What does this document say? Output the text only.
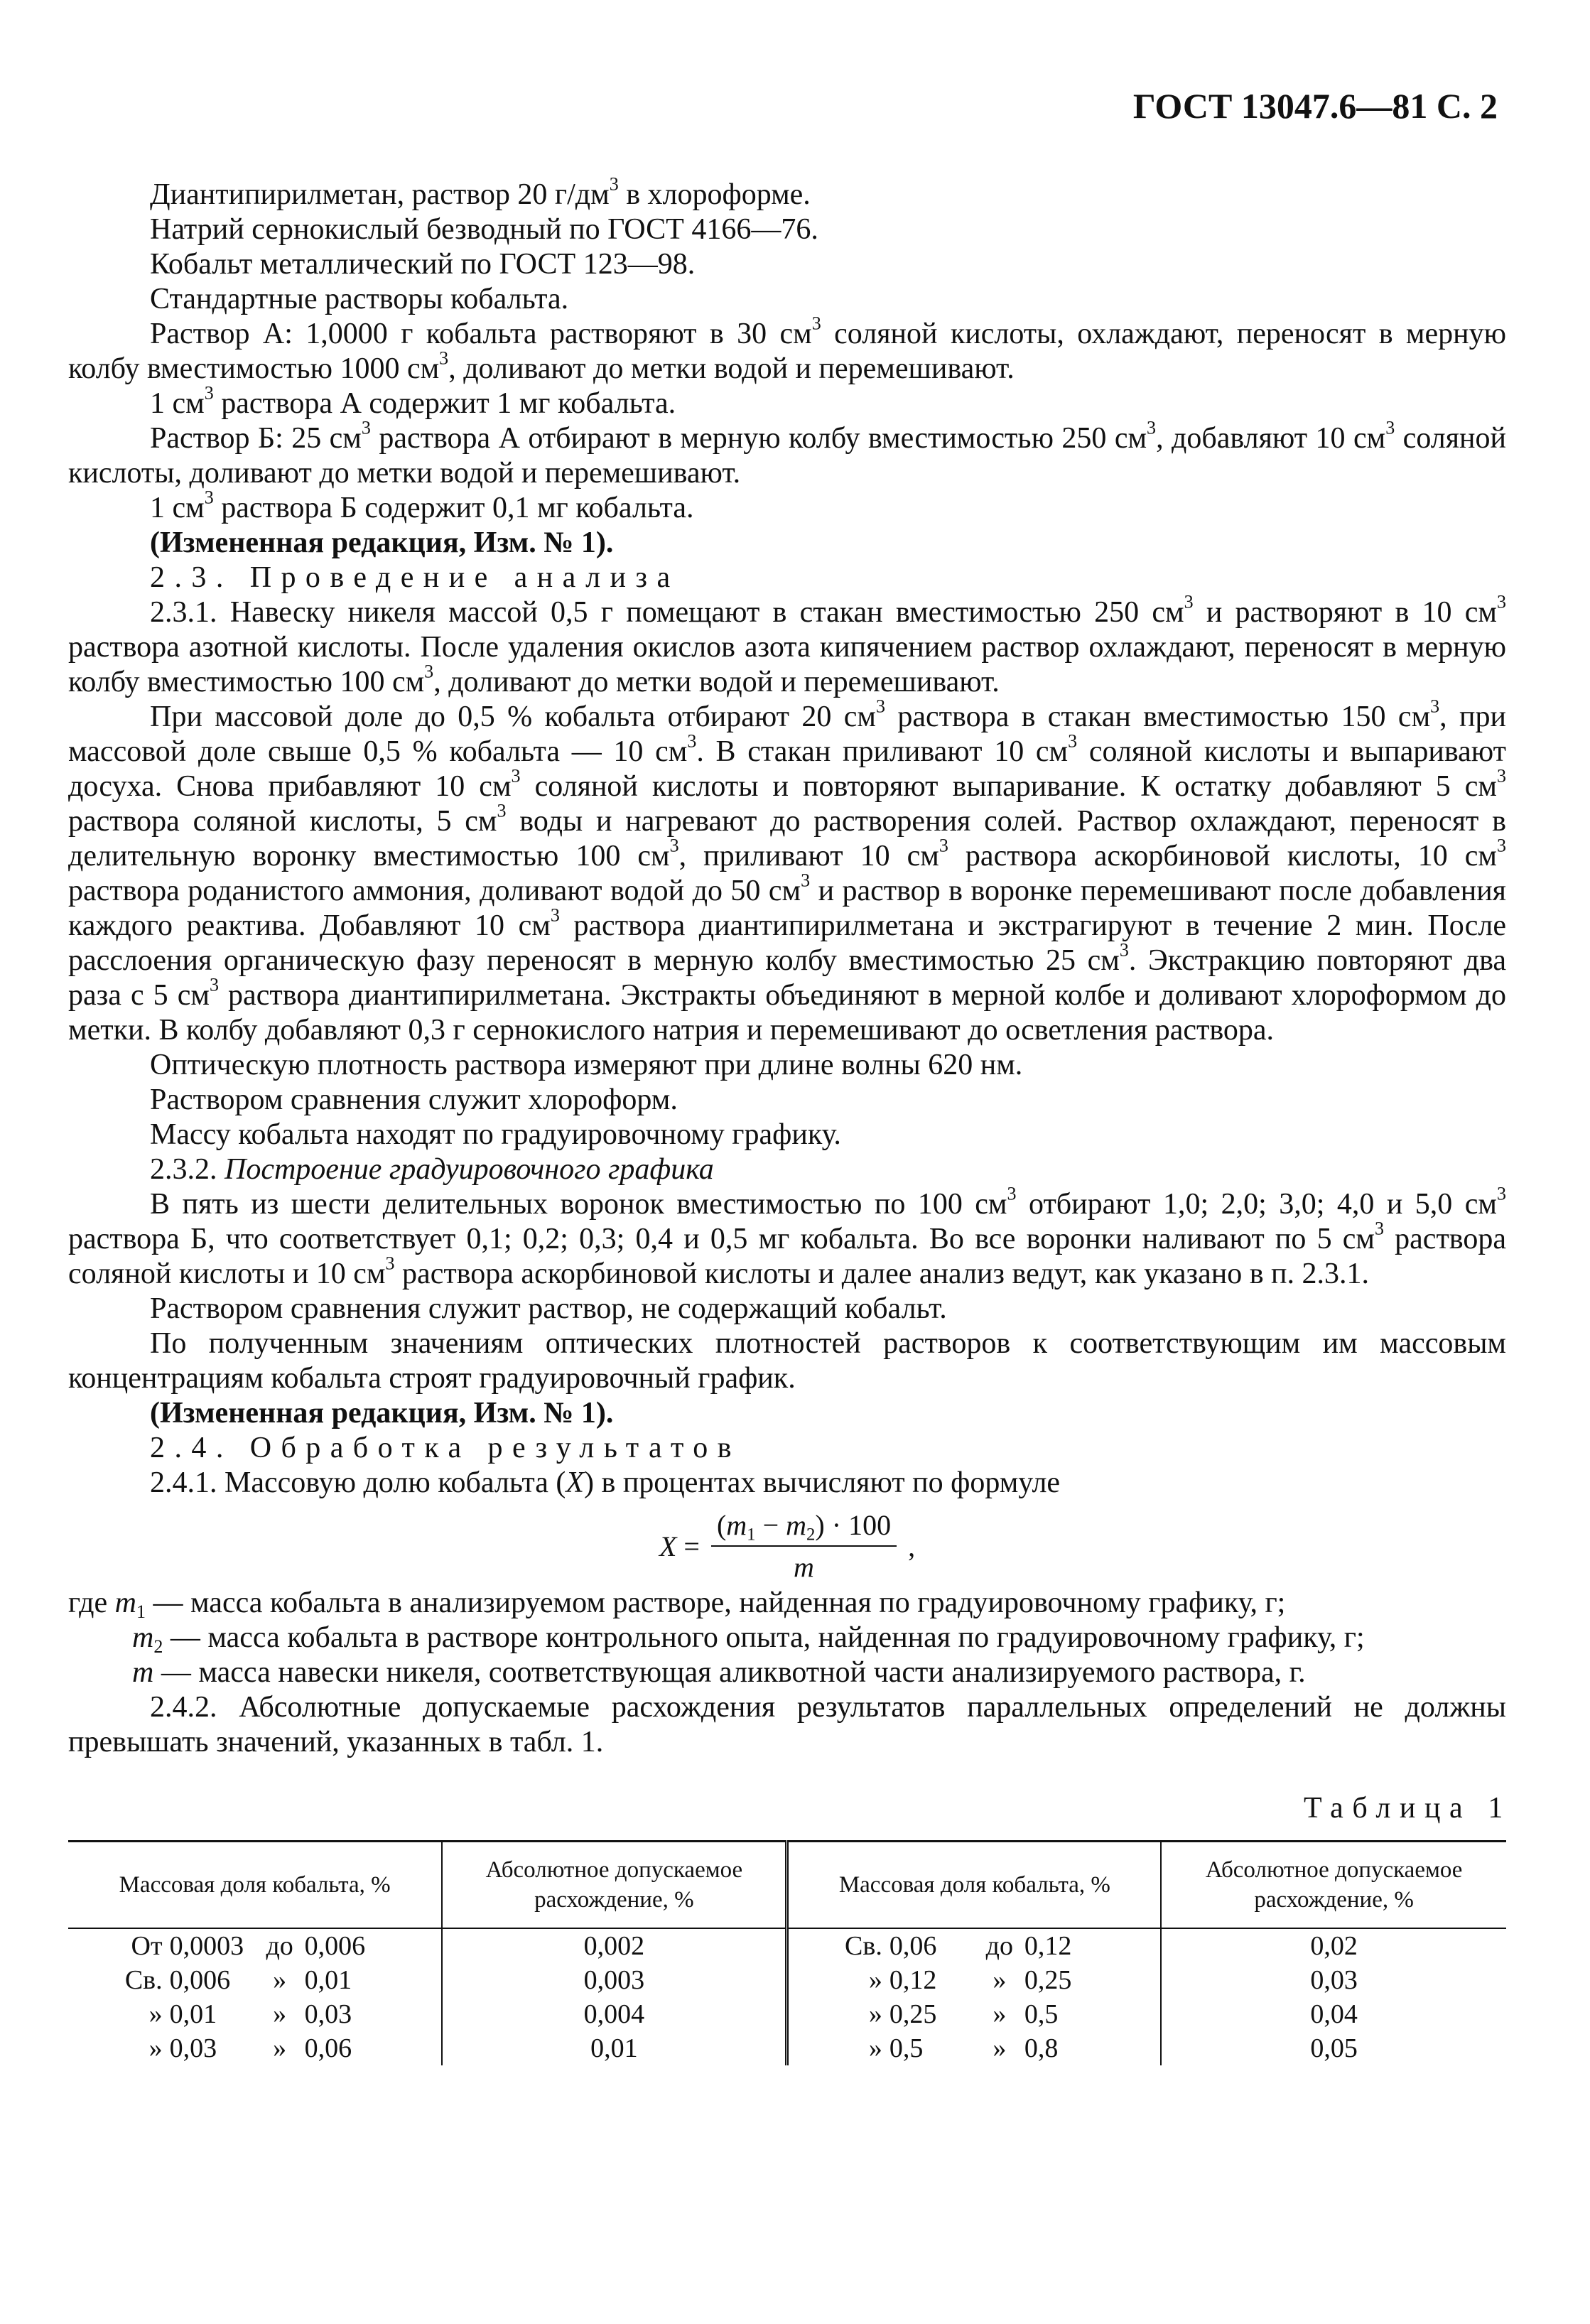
ГОСТ 13047.6—81 С. 2

Диантипирилметан, раствор 20 $г/дм^3$ в хлороформе.

Натрий сернокислый безводный по ГОСТ 4166—76.

Кобальт металлический по ГОСТ 123—98.

Стандартные растворы кобальта.

Раствор А: 1,0000 г кобальта растворяют в 30 $см^3$ соляной кислоты, охлаждают, переносят в мерную колбу вместимостью 1000 $см^3$, доливают до метки водой и перемешивают.

1 $см^3$ раствора А содержит 1 мг кобальта.

Раствор Б: 25 $см^3$ раствора А отбирают в мерную колбу вместимостью 250 $см^3$, добавляют 10 $см^3$ соляной кислоты, доливают до метки водой и перемешивают.

1 $см^3$ раствора Б содержит 0,1 мг кобальта.

(Измененная редакция, Изм. № 1).

2.3. Проведение анализа

2.3.1. Навеску никеля массой 0,5 г помещают в стакан вместимостью 250 $см^3$ и растворяют в 10 $см^3$ раствора азотной кислоты. После удаления окислов азота кипячением раствор охлаждают, переносят в мерную колбу вместимостью 100 $см^3$, доливают до метки водой и перемешивают.

При массовой доле до 0,5 % кобальта отбирают 20 $см^3$ раствора в стакан вместимостью 150 $см^3$, при массовой доле свыше 0,5 % кобальта — 10 $см^3$. В стакан приливают 10 $см^3$ соляной кислоты и выпаривают досуха. Снова прибавляют 10 $см^3$ соляной кислоты и повторяют выпаривание. К остатку добавляют 5 $см^3$ раствора соляной кислоты, 5 $см^3$ воды и нагревают до растворения солей. Раствор охлаждают, переносят в делительную воронку вместимостью 100 $см^3$, приливают 10 $см^3$ раствора аскорбиновой кислоты, 10 $см^3$ раствора роданистого аммония, доливают водой до 50 $см^3$ и раствор в воронке перемешивают после добавления каждого реактива. Добавляют 10 $см^3$ раствора диантипирилметана и экстрагируют в течение 2 мин. После расслоения органическую фазу переносят в мерную колбу вместимостью 25 $см^3$. Экстракцию повторяют два раза с 5 $см^3$ раствора диантипирилметана. Экстракты объединяют в мерной колбе и доливают хлороформом до метки. В колбу добавляют 0,3 г сернокислого натрия и перемешивают до осветления раствора.

Оптическую плотность раствора измеряют при длине волны 620 нм.

Раствором сравнения служит хлороформ.

Массу кобальта находят по градуировочному графику.

2.3.2. Построение градуировочного графика

В пять из шести делительных воронок вместимостью по 100 $см^3$ отбирают 1,0; 2,0; 3,0; 4,0 и 5,0 $см^3$ раствора Б, что соответствует 0,1; 0,2; 0,3; 0,4 и 0,5 мг кобальта. Во все воронки наливают по 5 $см^3$ раствора соляной кислоты и 10 $см^3$ раствора аскорбиновой кислоты и далее анализ ведут, как указано в п. 2.3.1.

Раствором сравнения служит раствор, не содержащий кобальт.

По полученным значениям оптических плотностей растворов к соответствующим им массовым концентрациям кобальта строят градуировочный график.

(Измененная редакция, Изм. № 1).

2.4. Обработка результатов

2.4.1. Массовую долю кобальта (X) в процентах вычисляют по формуле

$X = \frac{(m_1 - m_2) \cdot 100}{m}$ ,

где $m_1$ — масса кобальта в анализируемом растворе, найденная по градуировочному графику, г;

$m_2$ — масса кобальта в растворе контрольного опыта, найденная по градуировочному графику, г;

m — масса навески никеля, соответствующая аликвотной части анализируемого раствора, г.

2.4.2. Абсолютные допускаемые расхождения результатов параллельных определений не должны превышать значений, указанных в табл. 1.

Таблица 1
Массовая доля кобальта, %	Абсолютное допускаемое расхождение, %	Массовая доля кобальта, %	Абсолютное допускаемое расхождение, %

От 0,0003 до 0,006	0,002	Св. 0,06 до 0,12	0,02

Св. 0,006 » 0,01	0,003	» 0,12 » 0,25	0,03

» 0,01 » 0,03	0,004	» 0,25 » 0,5	0,04

» 0,03 » 0,06	0,01	» 0,5 » 0,8	0,05
